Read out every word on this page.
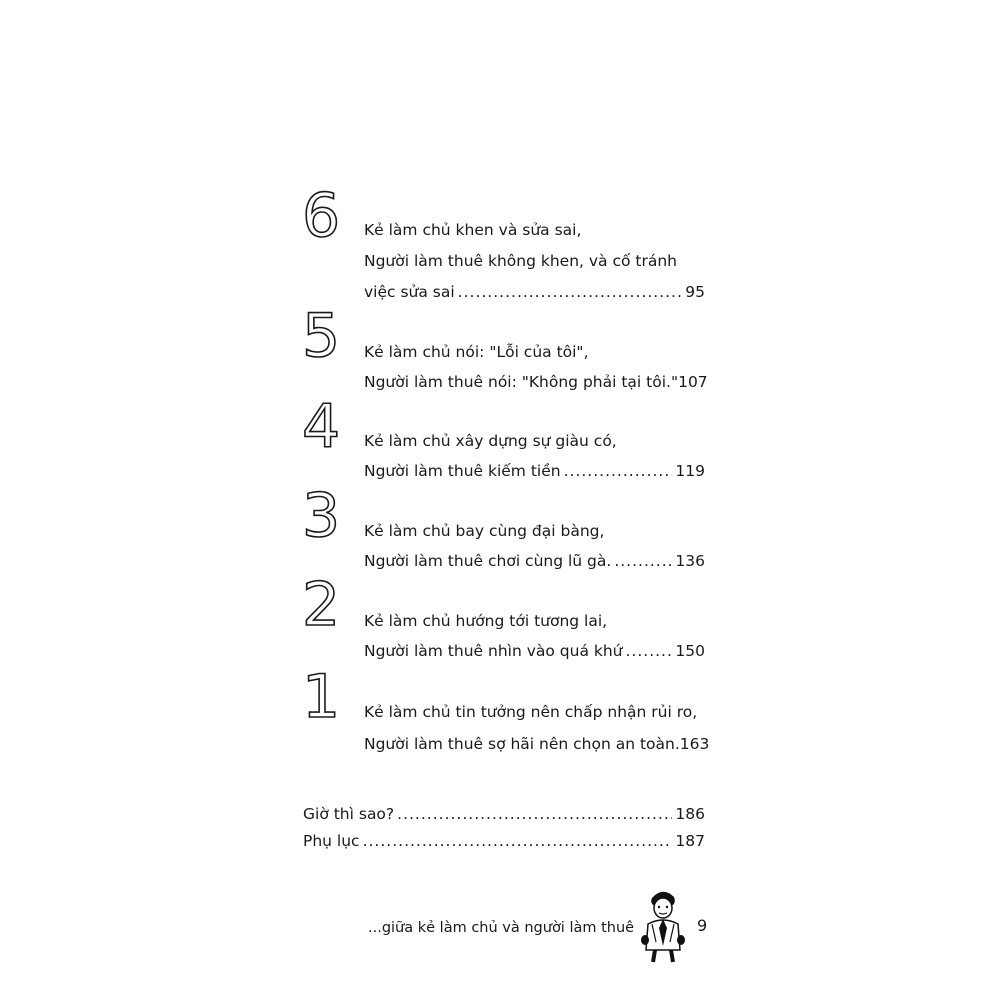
6	Kẻ làm chủ khen và sửa sai,
Người làm thuê không khen, và cố tránh
việc sửa sai .....	95
5	Kẻ làm chủ nói: "Lỗi của tôi",
Người làm thuê nói: "Không phải tại tôi." 107
4	Kẻ làm chủ xây dựng sự giàu có,
Người làm thuê kiếm tiền .....	119
3	Kẻ làm chủ bay cùng đại bàng,
Người làm thuê chơi cùng lũ gà. .....	136
2	Kẻ làm chủ hướng tới tương lai,
Người làm thuê nhìn vào quá khứ .....	150
1	Kẻ làm chủ tin tưởng nên chấp nhận rủi ro,
Người làm thuê sợ hãi nên chọn an toàn. 163
Giờ thì sao? .....	186
Phụ lục .....	187
...giữa kẻ làm chủ và người làm thuê	9
